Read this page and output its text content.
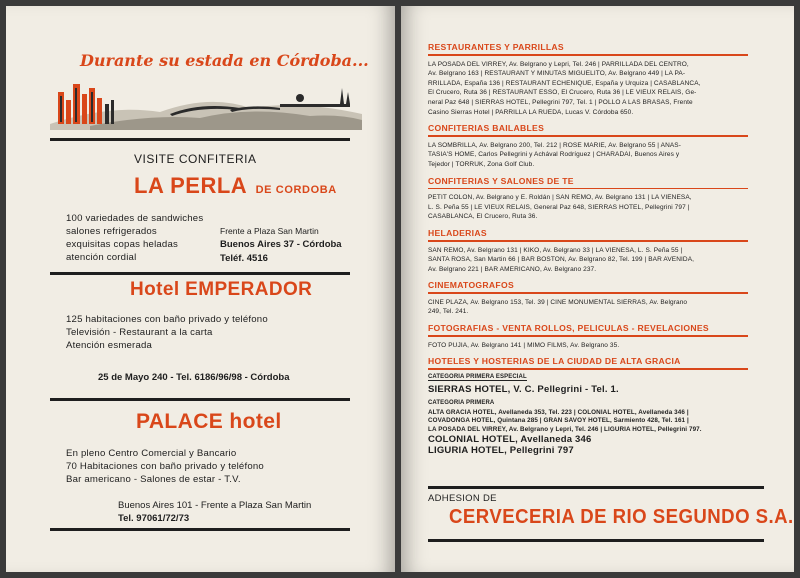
Durante su estada en Córdoba...
VISITE CONFITERIA
LA PERLA DE CORDOBA
100 variedades de sandwiches
salones refrigerados
exquisitas copas heladas
atención cordial
Frente a Plaza San Martin
Buenos Aires 37 - Córdoba
Teléf. 4516
Hotel EMPERADOR
125 habitaciones con baño privado y teléfono
Televisión - Restaurant a la carta
Atención esmerada
25 de Mayo 240 - Tel. 6186/96/98 - Córdoba
PALACE hotel
En pleno Centro Comercial y Bancario
70 Habitaciones con baño privado y teléfono
Bar americano - Salones de estar - T.V.
Buenos Aires 101 - Frente a Plaza San Martin
Tel. 97061/72/73
RESTAURANTES Y PARRILLAS
LA POSADA DEL VIRREY, Av. Belgrano y Lepri, Tel. 246 | PARRILLADA DEL CENTRO,
Av. Belgrano 163 | RESTAURANT Y MINUTAS MIGUELITO, Av. Belgrano 449 | LA PA-
RRILLADA, España 136 | RESTAURANT ECHENIQUE, España y Urquiza | CASABLANCA,
El Crucero, Ruta 36 | RESTAURANT ESSO, El Crucero, Ruta 36 | LE VIEUX RELAIS, Ge-
neral Paz 648 | SIERRAS HOTEL, Pellegrini 797, Tel. 1 | POLLO A LAS BRASAS, Frente
Casino Sierras Hotel | PARRILLA LA RUEDA, Lucas V. Córdoba 650.
CONFITERIAS BAILABLES
LA SOMBRILLA, Av. Belgrano 200, Tel. 212 | ROSE MARIE, Av. Belgrano 55 | ANAS-
TASIA'S HOME, Carlos Pellegrini y Achával Rodríguez | CHARADAI, Buenos Aires y
Tejedor | TORRUK, Zona Golf Club.
CONFITERIAS Y SALONES DE TE
PETIT COLON, Av. Belgrano y E. Roldán | SAN REMO, Av. Belgrano 131 | LA VIENESA,
L. S. Peña 55 | LE VIEUX RELAIS, General Paz 648, SIERRAS HOTEL, Pellegrini 797 |
CASABLANCA, El Crucero, Ruta 36.
HELADERIAS
SAN REMO, Av. Belgrano 131 | KIKO, Av. Belgrano 33 | LA VIENESA, L. S. Peña 55 |
SANTA ROSA, San Martin 66 | BAR BOSTON, Av. Belgrano 82, Tel. 199 | BAR AVENIDA,
Av. Belgrano 221 | BAR AMERICANO, Av. Belgrano 237.
CINEMATOGRAFOS
CINE PLAZA, Av. Belgrano 153, Tel. 39 | CINE MONUMENTAL SIERRAS, Av. Belgrano
249, Tel. 241.
FOTOGRAFIAS - VENTA ROLLOS, PELICULAS - REVELACIONES
FOTO PUJIA, Av. Belgrano 141 | MIMO FILMS, Av. Belgrano 35.
HOTELES Y HOSTERIAS DE LA CIUDAD DE ALTA GRACIA
CATEGORIA PRIMERA ESPECIAL
SIERRAS HOTEL, V. C. Pellegrini - Tel. 1.
CATEGORIA PRIMERA
ALTA GRACIA HOTEL, Avellaneda 353, Tel. 223 | COLONIAL HOTEL, Avellaneda 346 |
COVADONGA HOTEL, Quintana 285 | GRAN SAVOY HOTEL, Sarmiento 428, Tel. 161 |
LA POSADA DEL VIRREY, Av. Belgrano y Lepri, Tel. 246 | LIGURIA HOTEL, Pellegrini 797.
COLONIAL HOTEL, Avellaneda 346
LIGURIA HOTEL, Pellegrini 797
ADHESION DE
CERVECERIA DE RIO SEGUNDO S.A.
